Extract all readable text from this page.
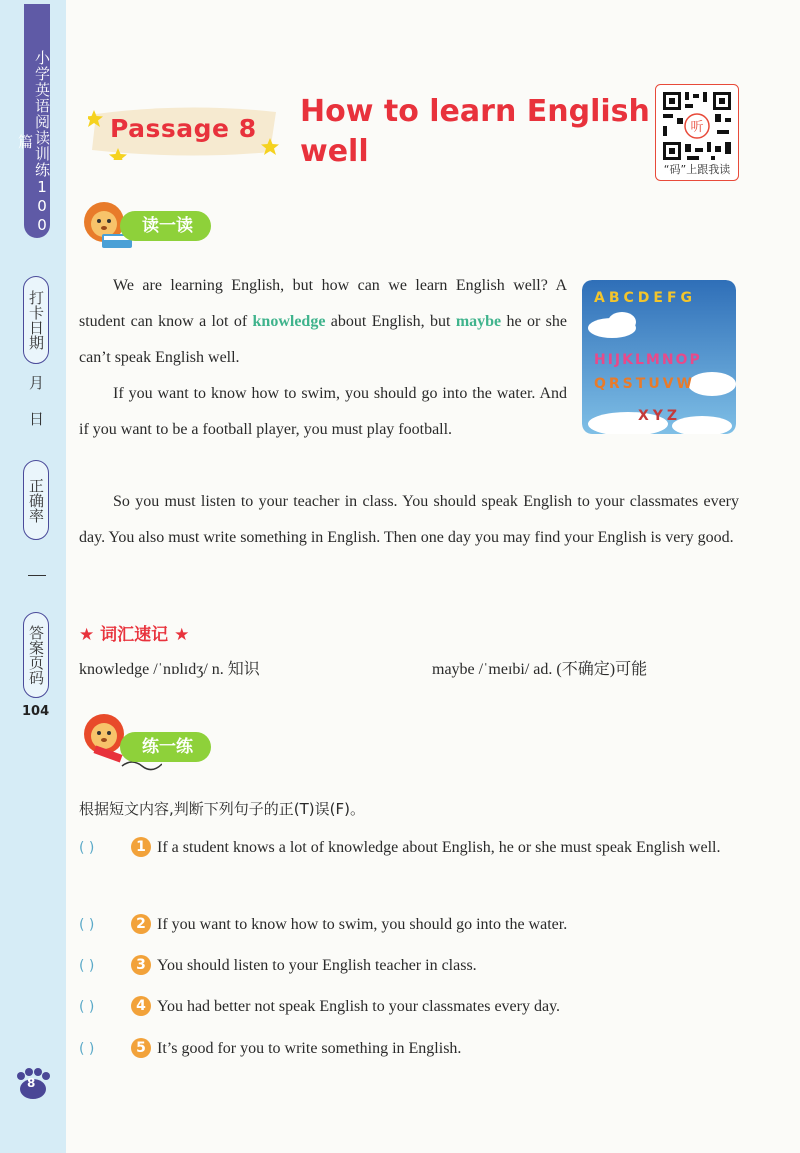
小学英语阅读训练100篇
打卡日期
月
日
正确率
答案页码
104
8
Passage 8 How to learn English well
听
“码”上跟我读
读一读
We are learning English, but how can we learn English well? A student can know a lot of knowledge about English, but maybe he or she can’t speak English well.
If you want to know how to swim, you should go into the water. And if you want to be a football player, you must play football.
So you must listen to your teacher in class. You should speak English to your classmates every day. You also must write something in English. Then one day you may find your English is very good.
ABCDEFG
HIJKLMNOP
QRSTUVW
XYZ
★ 词汇速记 ★
knowledge /ˈnɒlɪdʒ/ n. 知识	maybe /ˈmeɪbi/ ad. (不确定)可能
练一练
根据短文内容,判断下列句子的正(T)误(F)。
( )	1 If a student knows a lot of knowledge about English, he or she must speak English well.
( )	2 If you want to know how to swim, you should go into the water.
( )	3 You should listen to your English teacher in class.
( )	4 You had better not speak English to your classmates every day.
( )	5 It’s good for you to write something in English.
